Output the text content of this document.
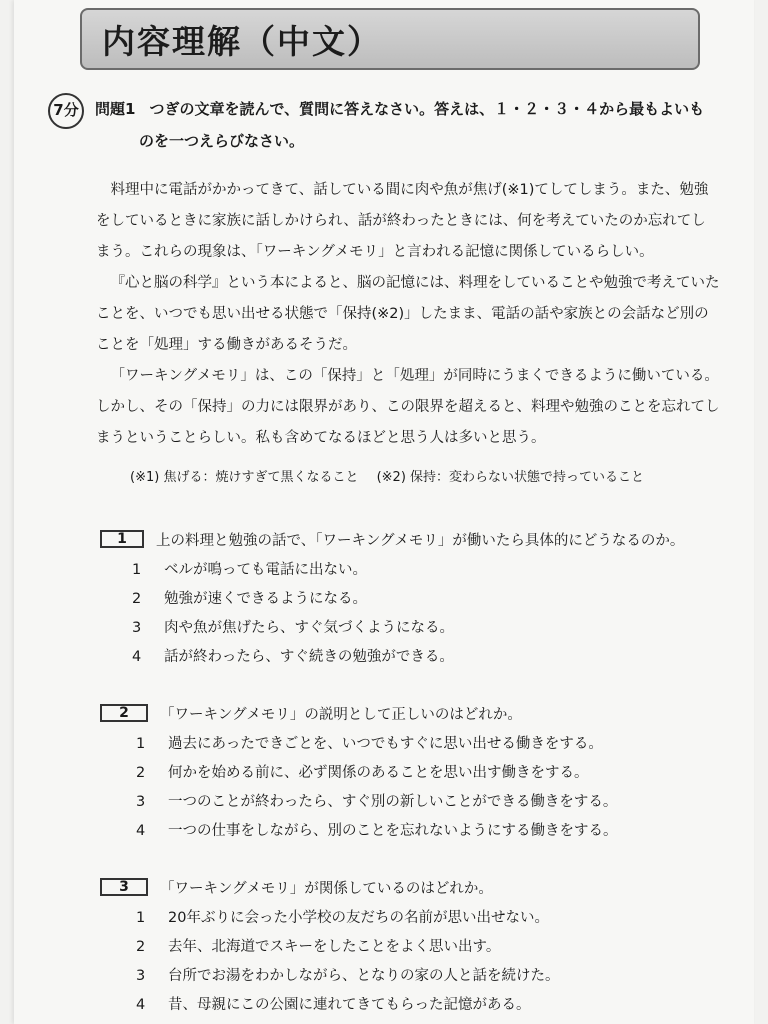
内容理解（中文）
7分	問題1 つぎの文章を読んで、質問に答えなさい。答えは、１・２・３・４から最もよいも
のを一つえらびなさい。

料理中に電話がかかってきて、話している間に肉や魚が焦げ(※1)てしてしまう。また、勉強をしているときに家族に話しかけられ、話が終わったときには、何を考えていたのか忘れてしまう。これらの現象は、「ワーキングメモリ」と言われる記憶に関係しているらしい。

『心と脳の科学』という本によると、脳の記憶には、料理をしていることや勉強で考えていたことを、いつでも思い出せる状態で「保持(※2)」したまま、電話の話や家族との会話など別のことを「処理」する働きがあるそうだ。

「ワーキングメモリ」は、この「保持」と「処理」が同時にうまくできるように働いている。しかし、その「保持」の力には限界があり、この限界を超えると、料理や勉強のことを忘れてしまうということらしい。私も含めてなるほどと思う人は多いと思う。

(※1) 焦げる：焼けすぎて黒くなること (※2) 保持：変わらない状態で持っていること
1	上の料理と勉強の話で、「ワーキングメモリ」が働いたら具体的にどうなるのか。
1	ベルが鳴っても電話に出ない。
2	勉強が速くできるようになる。
3	肉や魚が焦げたら、すぐ気づくようになる。
4	話が終わったら、すぐ続きの勉強ができる。
2	「ワーキングメモリ」の説明として正しいのはどれか。
1	過去にあったできごとを、いつでもすぐに思い出せる働きをする。
2	何かを始める前に、必ず関係のあることを思い出す働きをする。
3	一つのことが終わったら、すぐ別の新しいことができる働きをする。
4	一つの仕事をしながら、別のことを忘れないようにする働きをする。
3	「ワーキングメモリ」が関係しているのはどれか。
1	20年ぶりに会った小学校の友だちの名前が思い出せない。
2	去年、北海道でスキーをしたことをよく思い出す。
3	台所でお湯をわかしながら、となりの家の人と話を続けた。
4	昔、母親にこの公園に連れてきてもらった記憶がある。
